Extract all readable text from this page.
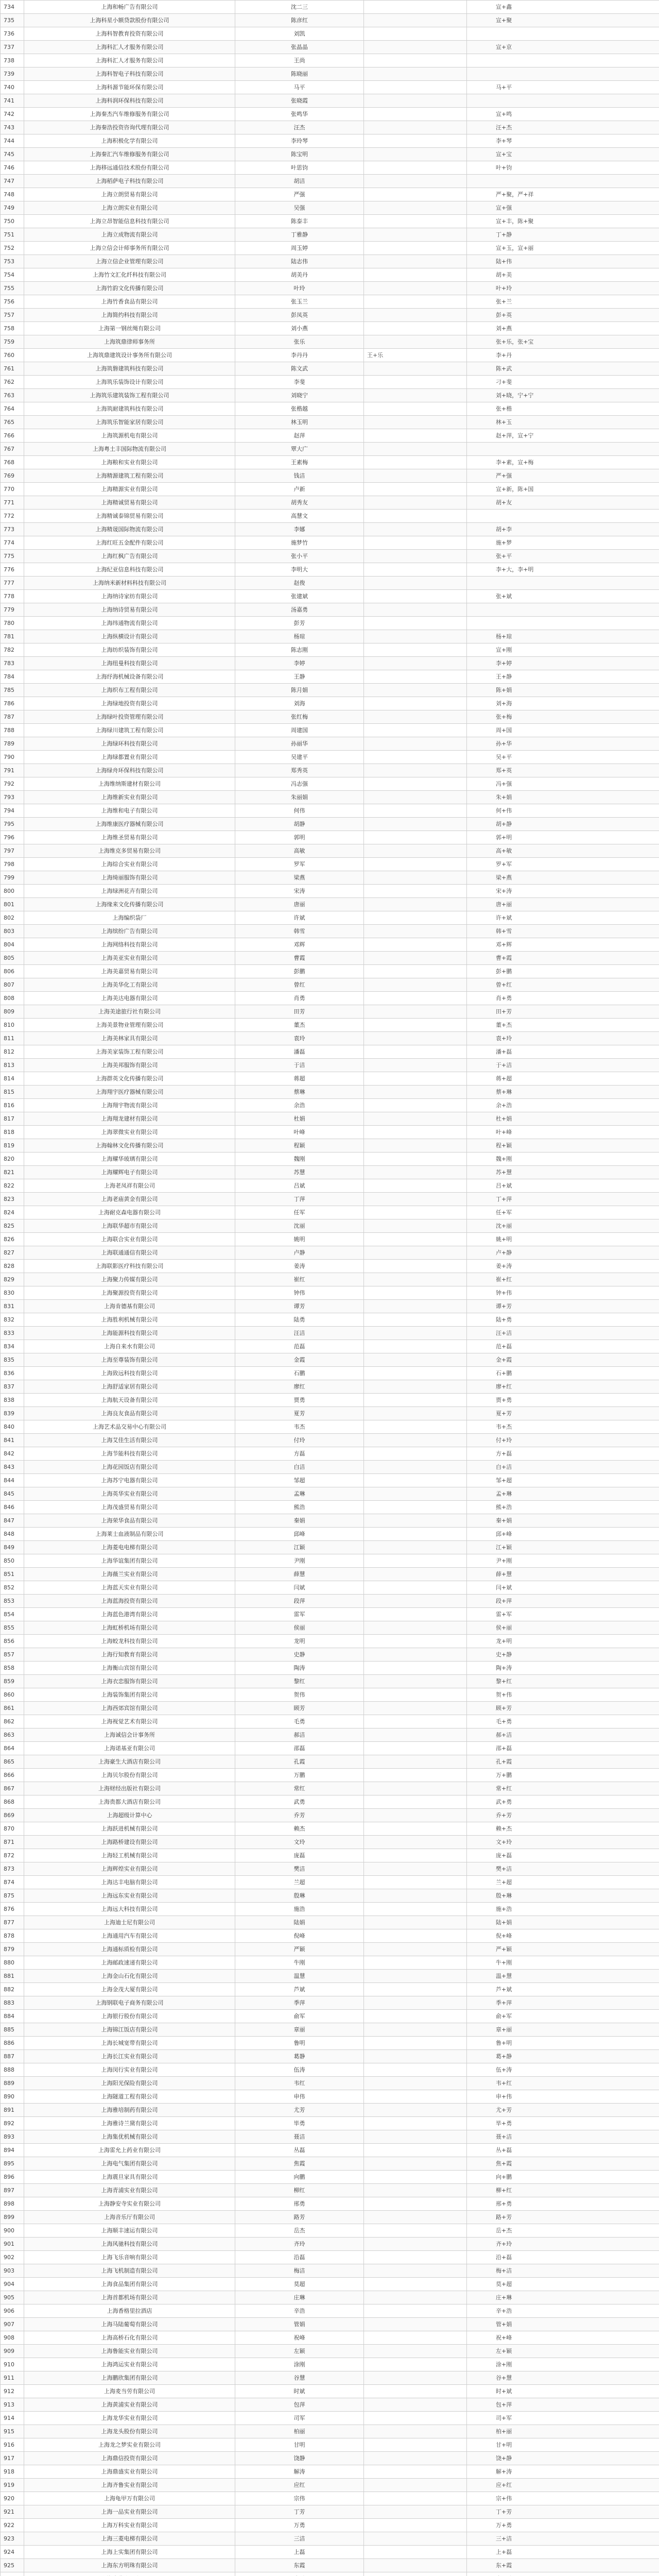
734	上海和畅广告有限公司	沈二三		宣+鑫
735	上海科星小额贷款股份有限公司	陈彦红		宣+聚
736	上海科智教育投资有限公司	刘凯		
737	上海科汇人才服务有限公司	张晶晶		宣+京
738	上海科汇人才服务有限公司	王尚		
739	上海科智电子科技有限公司	陈晓丽		
740	上海科源节能环保有限公司	马平		马+平
741	上海科润环保科技有限公司	张晓霞		
742	上海秦杰汽车维修服务有限公司	张鸣华		宣+鸣
743	上海秦浩投资咨询代理有限公司	汪杰		汪+杰
744	上海积极化学有限公司	李玲琴		李+琴
745	上海秦汇汽车维修服务有限公司	陈宝明		宣+宝
746	上海移远通信技术股份有限公司	叶思钧		叶+钧
747	上海稻萨电子科技有限公司	胡洁		
748	上海立朗贸易有限公司	严强		严+聚，严+祥
749	上海立朗实业有限公司	吴强		宣+强
750	上海立昂智能信息科技有限公司	陈泰丰		宣+丰，陈+聚
751	上海立成物流有限公司	丁雅静		丁+静
752	上海立信会计师事务所有限公司	周玉婷		宣+玉，宣+丽
753	上海立信企业管理有限公司	陆志伟		陆+伟
754	上海竹文汇化纤科技有限公司	胡美丹		胡+美
755	上海竹韵文化传播有限公司	叶玲		叶+玲
756	上海竹香食品有限公司	张玉兰		张+兰
757	上海简约科技有限公司	彭凤英		彭+英
758	上海第一钢丝绳有限公司	刘小燕		刘+燕
759	上海筑鼎律师事务所	张乐		张+乐，张+宝
760	上海筑鼎建筑设计事务所有限公司	李丹丹	王+乐	李+丹
761	上海筑磐建筑科技有限公司	陈文武		陈+武
762	上海筑乐装饰设计有限公司	李斐		刁+斐
763	上海筑乐建筑装饰工程有限公司	刘晓宁		刘+晓，宁+宁
764	上海筑耐建筑科技有限公司	张楷越		张+楷
765	上海筑乐智能家居有限公司	林玉明		林+玉
766	上海筑源机电有限公司	赵萍		赵+萍，宣+宁
767	上海粤土丰国际物流有限公司	覃大广		
768	上海粮和实业有限公司	王素梅		李+素，宣+梅
769	上海精源建筑工程有限公司	钱洁		严+强
770	上海精源实业有限公司	卢新		宣+新，陈+国
771	上海精诚贸易有限公司	胡秀友		胡+友
772	上海精诚泰锦贸易有限公司	高慧文		
773	上海精晟国际物流有限公司	李娜		胡+李
774	上海红旺五金配件有限公司	施梦竹		施+梦
775	上海红枫广告有限公司	张小平		张+平
776	上海纪亚信息科技有限公司	李明大		李+大，李+明
777	上海纳米新材料科技有限公司	赵俊		
778	上海纳诗家纺有限公司	张建斌		张+斌
779	上海纳诗贸易有限公司	汤嘉勇		
780	上海纬通物流有限公司	彭芳		
781	上海纵横设计有限公司	杨琼		杨+琼
782	上海纺织装饰有限公司	陈志刚		宣+刚
783	上海纽曼科技有限公司	李婷		李+婷
784	上海纾海机械设备有限公司	王静		王+静
785	上海织布工程有限公司	陈月娟		陈+娟
786	上海绿地投资有限公司	刘海		刘+海
787	上海绿叶投资管理有限公司	张红梅		张+梅
788	上海绿川建筑工程有限公司	周建国		周+国
789	上海绿环科技有限公司	孙丽华		孙+华
790	上海绿都置业有限公司	吴建平		吴+平
791	上海绿舟环保科技有限公司	郑秀英		郑+英
792	上海维纳斯建材有限公司	冯志强		冯+强
793	上海维新实业有限公司	朱丽娟		朱+娟
794	上海维和电子有限公司	何伟		何+伟
795	上海维康医疗器械有限公司	胡静		胡+静
796	上海维圣贸易有限公司	郭明		郭+明
797	上海维克多贸易有限公司	高敏		高+敏
798	上海综合实业有限公司	罗军		罗+军
799	上海绮丽服饰有限公司	梁燕		梁+燕
800	上海绿洲花卉有限公司	宋涛		宋+涛
801	上海缘来文化传播有限公司	唐丽		唐+丽
802	上海编织袋厂	许斌		许+斌
803	上海缤纷广告有限公司	韩雪		韩+雪
804	上海网络科技有限公司	邓辉		邓+辉
805	上海美亚实业有限公司	曹霞		曹+霞
806	上海美嘉贸易有限公司	彭鹏		彭+鹏
807	上海美华化工有限公司	曾红		曾+红
808	上海美达电器有限公司	肖勇		肖+勇
809	上海美途旅行社有限公司	田芳		田+芳
810	上海美景物业管理有限公司	董杰		董+杰
811	上海美林家具有限公司	袁玲		袁+玲
812	上海美家装饰工程有限公司	潘磊		潘+磊
813	上海美邦服饰有限公司	于洁		于+洁
814	上海群英文化传播有限公司	蒋超		蒋+超
815	上海翔宇医疗器械有限公司	蔡琳		蔡+琳
816	上海翔宇物流有限公司	余浩		余+浩
817	上海翔龙建材有限公司	杜娟		杜+娟
818	上海翠微实业有限公司	叶峰		叶+峰
819	上海翰林文化传播有限公司	程颖		程+颖
820	上海耀华玻璃有限公司	魏刚		魏+刚
821	上海耀辉电子有限公司	苏慧		苏+慧
822	上海老凤祥有限公司	吕斌		吕+斌
823	上海老庙黄金有限公司	丁萍		丁+萍
824	上海耐克森电器有限公司	任军		任+军
825	上海联华超市有限公司	沈丽		沈+丽
826	上海联合实业有限公司	姚明		姚+明
827	上海联通通信有限公司	卢静		卢+静
828	上海联影医疗科技有限公司	姜涛		姜+涛
829	上海聚力传媒有限公司	崔红		崔+红
830	上海聚源投资有限公司	钟伟		钟+伟
831	上海肯德基有限公司	谭芳		谭+芳
832	上海胜利机械有限公司	陆勇		陆+勇
833	上海能源科技有限公司	汪洁		汪+洁
834	上海自来水有限公司	范磊		范+磊
835	上海至尊装饰有限公司	金霞		金+霞
836	上海致远科技有限公司	石鹏		石+鹏
837	上海舒适家居有限公司	廖红		廖+红
838	上海航天设备有限公司	贾勇		贾+勇
839	上海良友食品有限公司	夏芳		夏+芳
840	上海艺术品交易中心有限公司	韦杰		韦+杰
841	上海艾佳生活有限公司	付玲		付+玲
842	上海节能科技有限公司	方磊		方+磊
843	上海花园饭店有限公司	白洁		白+洁
844	上海苏宁电器有限公司	邹超		邹+超
845	上海英华实业有限公司	孟琳		孟+琳
846	上海茂盛贸易有限公司	熊浩		熊+浩
847	上海荣华食品有限公司	秦娟		秦+娟
848	上海莱士血液制品有限公司	邱峰		邱+峰
849	上海菱电电梯有限公司	江颖		江+颖
850	上海华谊集团有限公司	尹刚		尹+刚
851	上海薇兰实业有限公司	薛慧		薛+慧
852	上海蓝天实业有限公司	闫斌		闫+斌
853	上海蓝海投资有限公司	段萍		段+萍
854	上海蓝色港湾有限公司	雷军		雷+军
855	上海虹桥机场有限公司	侯丽		侯+丽
856	上海蛟龙科技有限公司	龙明		龙+明
857	上海行知教育有限公司	史静		史+静
858	上海衡山宾馆有限公司	陶涛		陶+涛
859	上海衣恋服饰有限公司	黎红		黎+红
860	上海装饰集团有限公司	贺伟		贺+伟
861	上海西郊宾馆有限公司	顾芳		顾+芳
862	上海视觉艺术有限公司	毛勇		毛+勇
863	上海诚信会计事务所	郝洁		郝+洁
864	上海诺基亚有限公司	邵磊		邵+磊
865	上海豪生大酒店有限公司	孔霞		孔+霞
866	上海贝尔股份有限公司	万鹏		万+鹏
867	上海财经出版社有限公司	常红		常+红
868	上海贵都大酒店有限公司	武勇		武+勇
869	上海超级计算中心	乔芳		乔+芳
870	上海跃进机械有限公司	赖杰		赖+杰
871	上海路桥建设有限公司	文玲		文+玲
872	上海轻工机械有限公司	庞磊		庞+磊
873	上海辉煌实业有限公司	樊洁		樊+洁
874	上海达丰电脑有限公司	兰超		兰+超
875	上海远东实业有限公司	殷琳		殷+琳
876	上海远大科技有限公司	施浩		施+浩
877	上海迪士尼有限公司	陆娟		陆+娟
878	上海通用汽车有限公司	倪峰		倪+峰
879	上海通标质检有限公司	严颖		严+颖
880	上海邮政速递有限公司	牛刚		牛+刚
881	上海金山石化有限公司	温慧		温+慧
882	上海金茂大厦有限公司	芦斌		芦+斌
883	上海钢联电子商务有限公司	季萍		季+萍
884	上海银行股份有限公司	俞军		俞+军
885	上海锦江饭店有限公司	章丽		章+丽
886	上海长城宽带有限公司	鲁明		鲁+明
887	上海长江实业有限公司	葛静		葛+静
888	上海闵行实业有限公司	伍涛		伍+涛
889	上海阳光保险有限公司	韦红		韦+红
890	上海隧道工程有限公司	申伟		申+伟
891	上海雅培制药有限公司	尤芳		尤+芳
892	上海雅诗兰黛有限公司	毕勇		毕+勇
893	上海集优机械有限公司	聂洁		聂+洁
894	上海雷允上药业有限公司	丛磊		丛+磊
895	上海电气集团有限公司	焦霞		焦+霞
896	上海震旦家具有限公司	向鹏		向+鹏
897	上海青浦实业有限公司	柳红		柳+红
898	上海静安寺实业有限公司	邢勇		邢+勇
899	上海音乐厅有限公司	路芳		路+芳
900	上海顺丰速运有限公司	岳杰		岳+杰
901	上海风驰科技有限公司	齐玲		齐+玲
902	上海飞乐音响有限公司	沿磊		沿+磊
903	上海飞机制造有限公司	梅洁		梅+洁
904	上海食品集团有限公司	莫超		莫+超
905	上海首都机场有限公司	庄琳		庄+琳
906	上海香格里拉酒店	辛浩		辛+浩
907	上海马陆葡萄有限公司	管娟		管+娟
908	上海高桥石化有限公司	祝峰		祝+峰
909	上海鲁能实业有限公司	左颖		左+颖
910	上海鸿运实业有限公司	涂刚		涂+刚
911	上海鹏欣集团有限公司	谷慧		谷+慧
912	上海麦当劳有限公司	时斌		时+斌
913	上海黄浦实业有限公司	包萍		包+萍
914	上海龙华实业有限公司	司军		司+军
915	上海龙头股份有限公司	柏丽		柏+丽
916	上海龙之梦实业有限公司	甘明		甘+明
917	上海鼎信投资有限公司	饶静		饶+静
918	上海鼎盛实业有限公司	解涛		解+涛
919	上海齐鲁实业有限公司	应红		应+红
920	上海龟甲万有限公司	宗伟		宗+伟
921	上海一品实业有限公司	丁芳		丁+芳
922	上海万科实业有限公司	万勇		万+勇
923	上海三菱电梯有限公司	三洁		三+洁
924	上海上实集团有限公司	上磊		上+磊
925	上海东方明珠有限公司	东霞		东+霞
